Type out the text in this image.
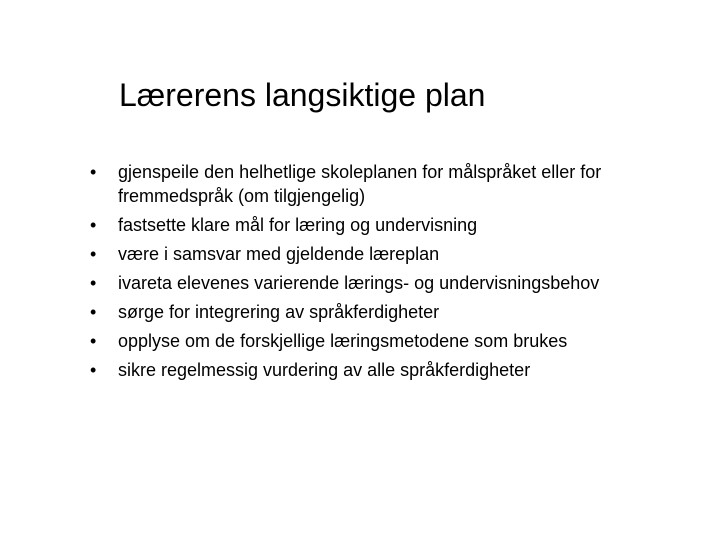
Lærerens langsiktige plan
•	gjenspeile den helhetlige skoleplanen for målspråket eller for fremmedspråk (om tilgjengelig)
•	fastsette klare mål for læring og undervisning
•	være i samsvar med gjeldende læreplan
•	ivareta elevenes varierende lærings- og undervisningsbehov
•	sørge for integrering av språkferdigheter
•	opplyse om de forskjellige læringsmetodene som brukes
•	sikre regelmessig vurdering av alle språkferdigheter
